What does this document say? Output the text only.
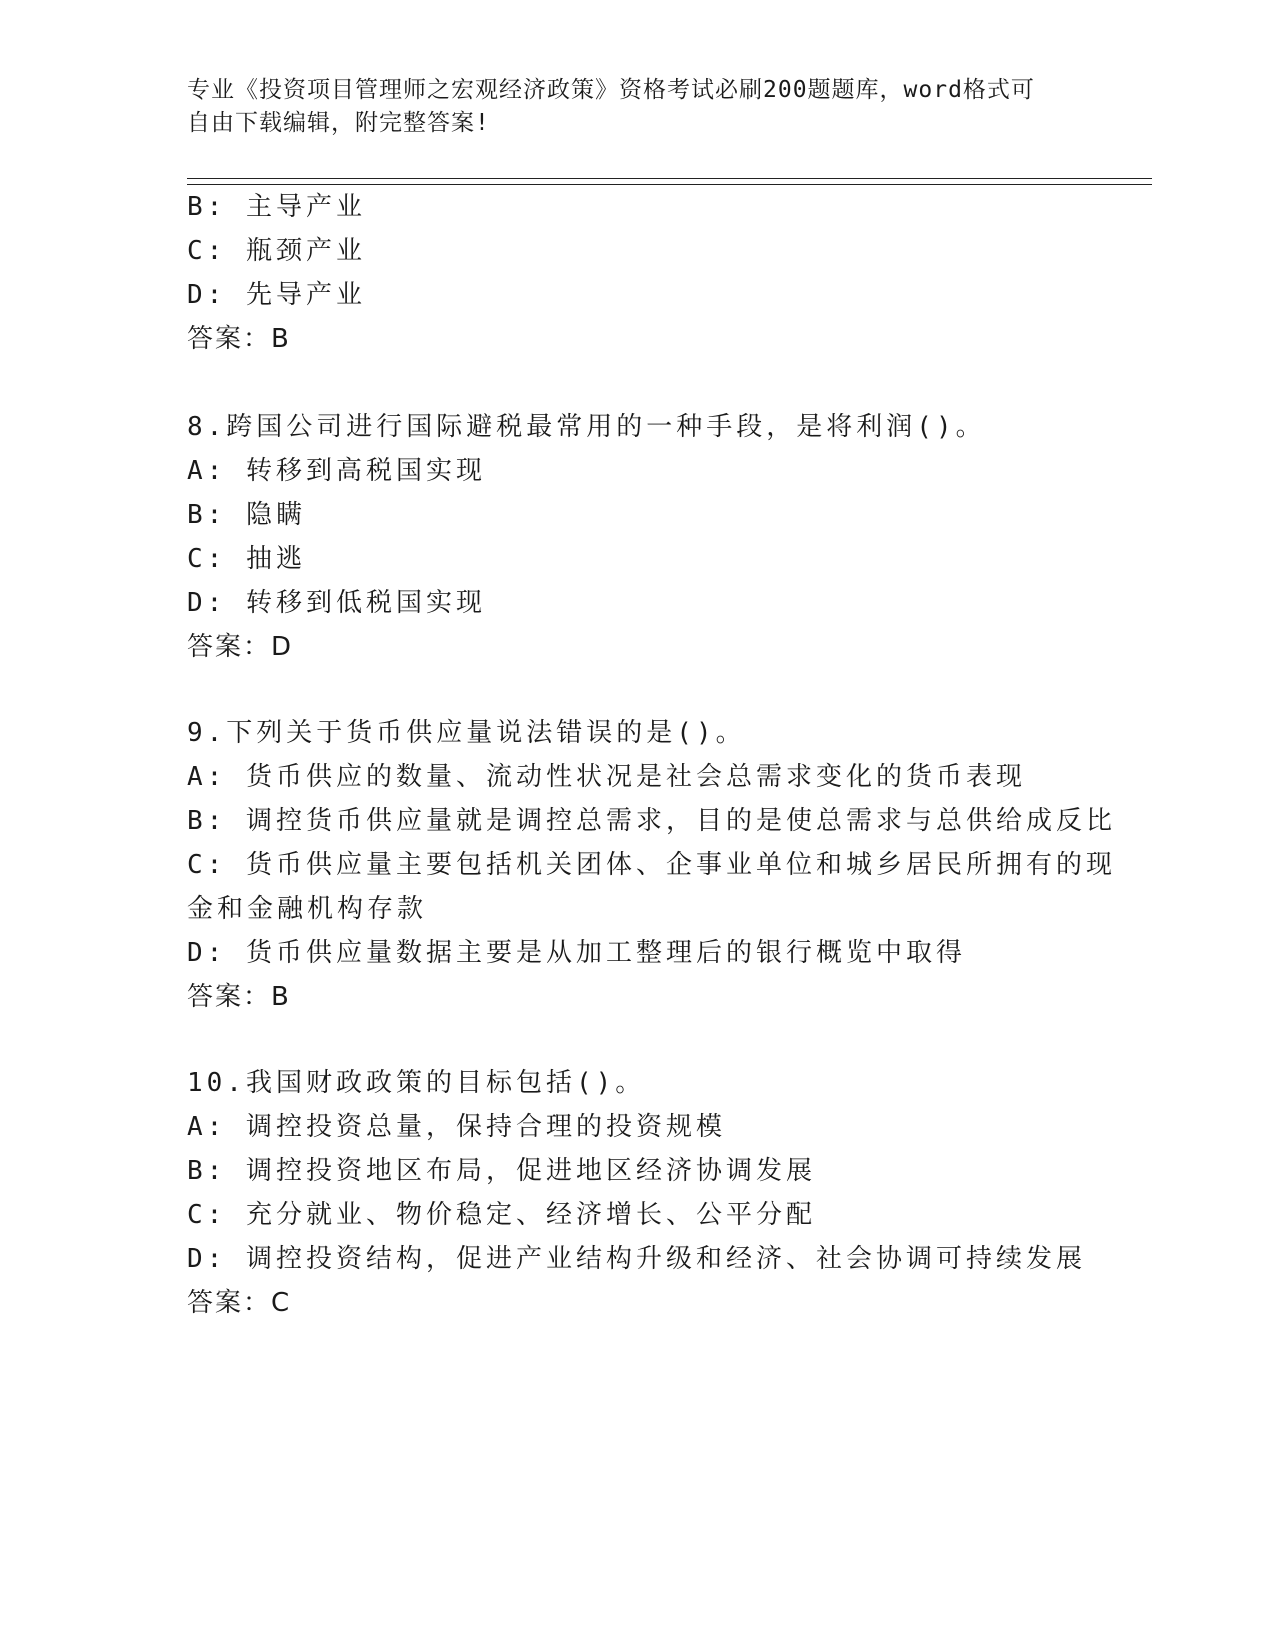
专业《投资项目管理师之宏观经济政策》资格考试必刷200题题库，word格式可
自由下载编辑，附完整答案!
B: 主导产业
C: 瓶颈产业
D: 先导产业
答案：B
8.跨国公司进行国际避税最常用的一种手段，是将利润()。
A: 转移到高税国实现
B: 隐瞒
C: 抽逃
D: 转移到低税国实现
答案：D
9.下列关于货币供应量说法错误的是()。
A: 货币供应的数量、流动性状况是社会总需求变化的货币表现
B: 调控货币供应量就是调控总需求，目的是使总需求与总供给成反比
C: 货币供应量主要包括机关团体、企事业单位和城乡居民所拥有的现
金和金融机构存款
D: 货币供应量数据主要是从加工整理后的银行概览中取得
答案：B
10.我国财政政策的目标包括()。
A: 调控投资总量，保持合理的投资规模
B: 调控投资地区布局，促进地区经济协调发展
C: 充分就业、物价稳定、经济增长、公平分配
D: 调控投资结构，促进产业结构升级和经济、社会协调可持续发展
答案：C
